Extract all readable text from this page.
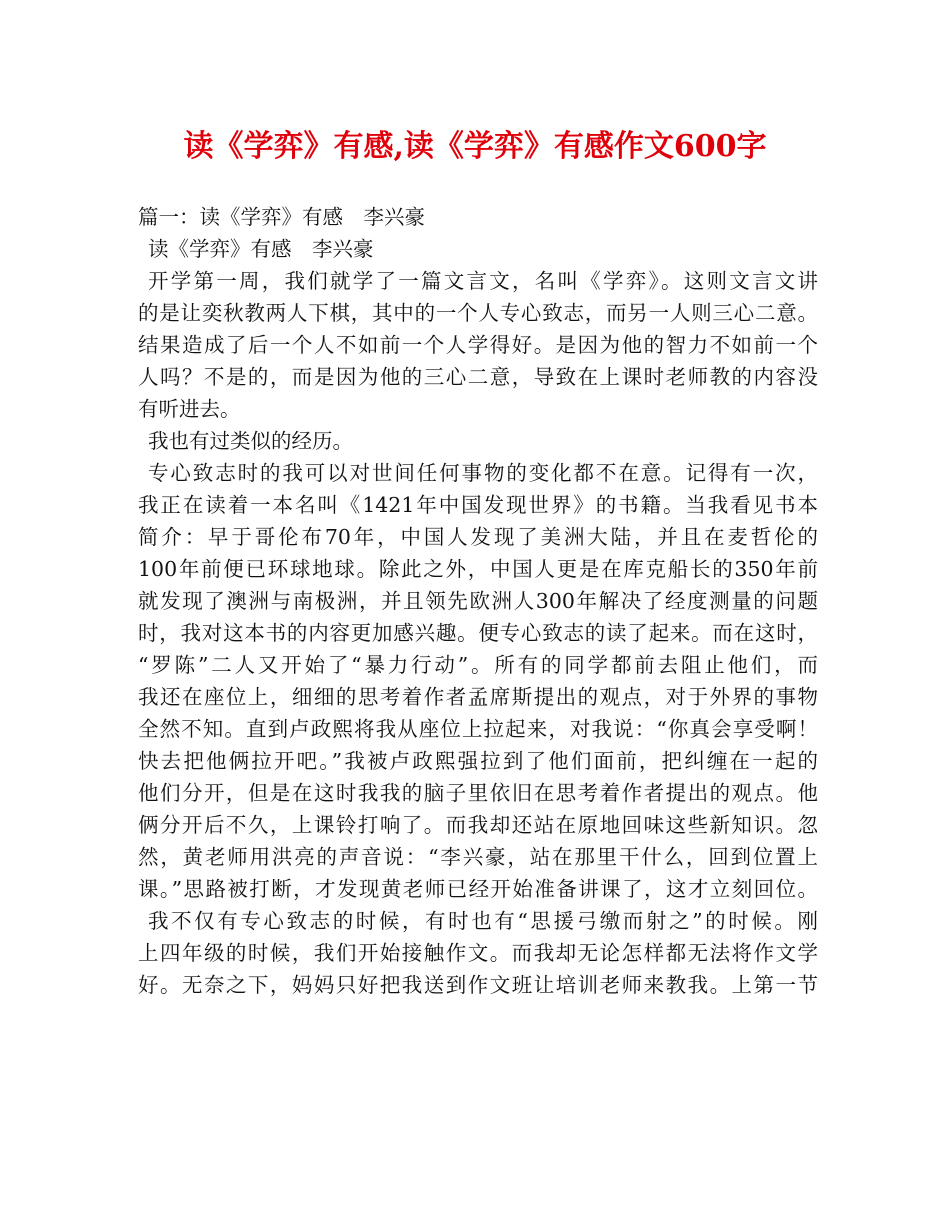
读《学弈》有感,读《学弈》有感作文600字
篇一：读《学弈》有感　李兴豪
读《学弈》有感　李兴豪
开学第一周，我们就学了一篇文言文，名叫《学弈》。这则文言文讲
的是让奕秋教两人下棋，其中的一个人专心致志，而另一人则三心二意。
结果造成了后一个人不如前一个人学得好。是因为他的智力不如前一个
人吗？不是的，而是因为他的三心二意，导致在上课时老师教的内容没
有听进去。
我也有过类似的经历。
专心致志时的我可以对世间任何事物的变化都不在意。记得有一次，
我正在读着一本名叫《1421年中国发现世界》的书籍。当我看见书本
简介：早于哥伦布70年，中国人发现了美洲大陆，并且在麦哲伦的
100年前便已环球地球。除此之外，中国人更是在库克船长的350年前
就发现了澳洲与南极洲，并且领先欧洲人300年解决了经度测量的问题
时，我对这本书的内容更加感兴趣。便专心致志的读了起来。而在这时，
“罗陈”二人又开始了“暴力行动”。所有的同学都前去阻止他们，而
我还在座位上，细细的思考着作者孟席斯提出的观点，对于外界的事物
全然不知。直到卢政熙将我从座位上拉起来，对我说：“你真会享受啊！
快去把他俩拉开吧。”我被卢政熙强拉到了他们面前，把纠缠在一起的
他们分开，但是在这时我我的脑子里依旧在思考着作者提出的观点。他
俩分开后不久，上课铃打响了。而我却还站在原地回味这些新知识。忽
然，黄老师用洪亮的声音说：“李兴豪，站在那里干什么，回到位置上
课。”思路被打断，才发现黄老师已经开始准备讲课了，这才立刻回位。
我不仅有专心致志的时候，有时也有“思援弓缴而射之”的时候。刚
上四年级的时候，我们开始接触作文。而我却无论怎样都无法将作文学
好。无奈之下，妈妈只好把我送到作文班让培训老师来教我。上第一节
